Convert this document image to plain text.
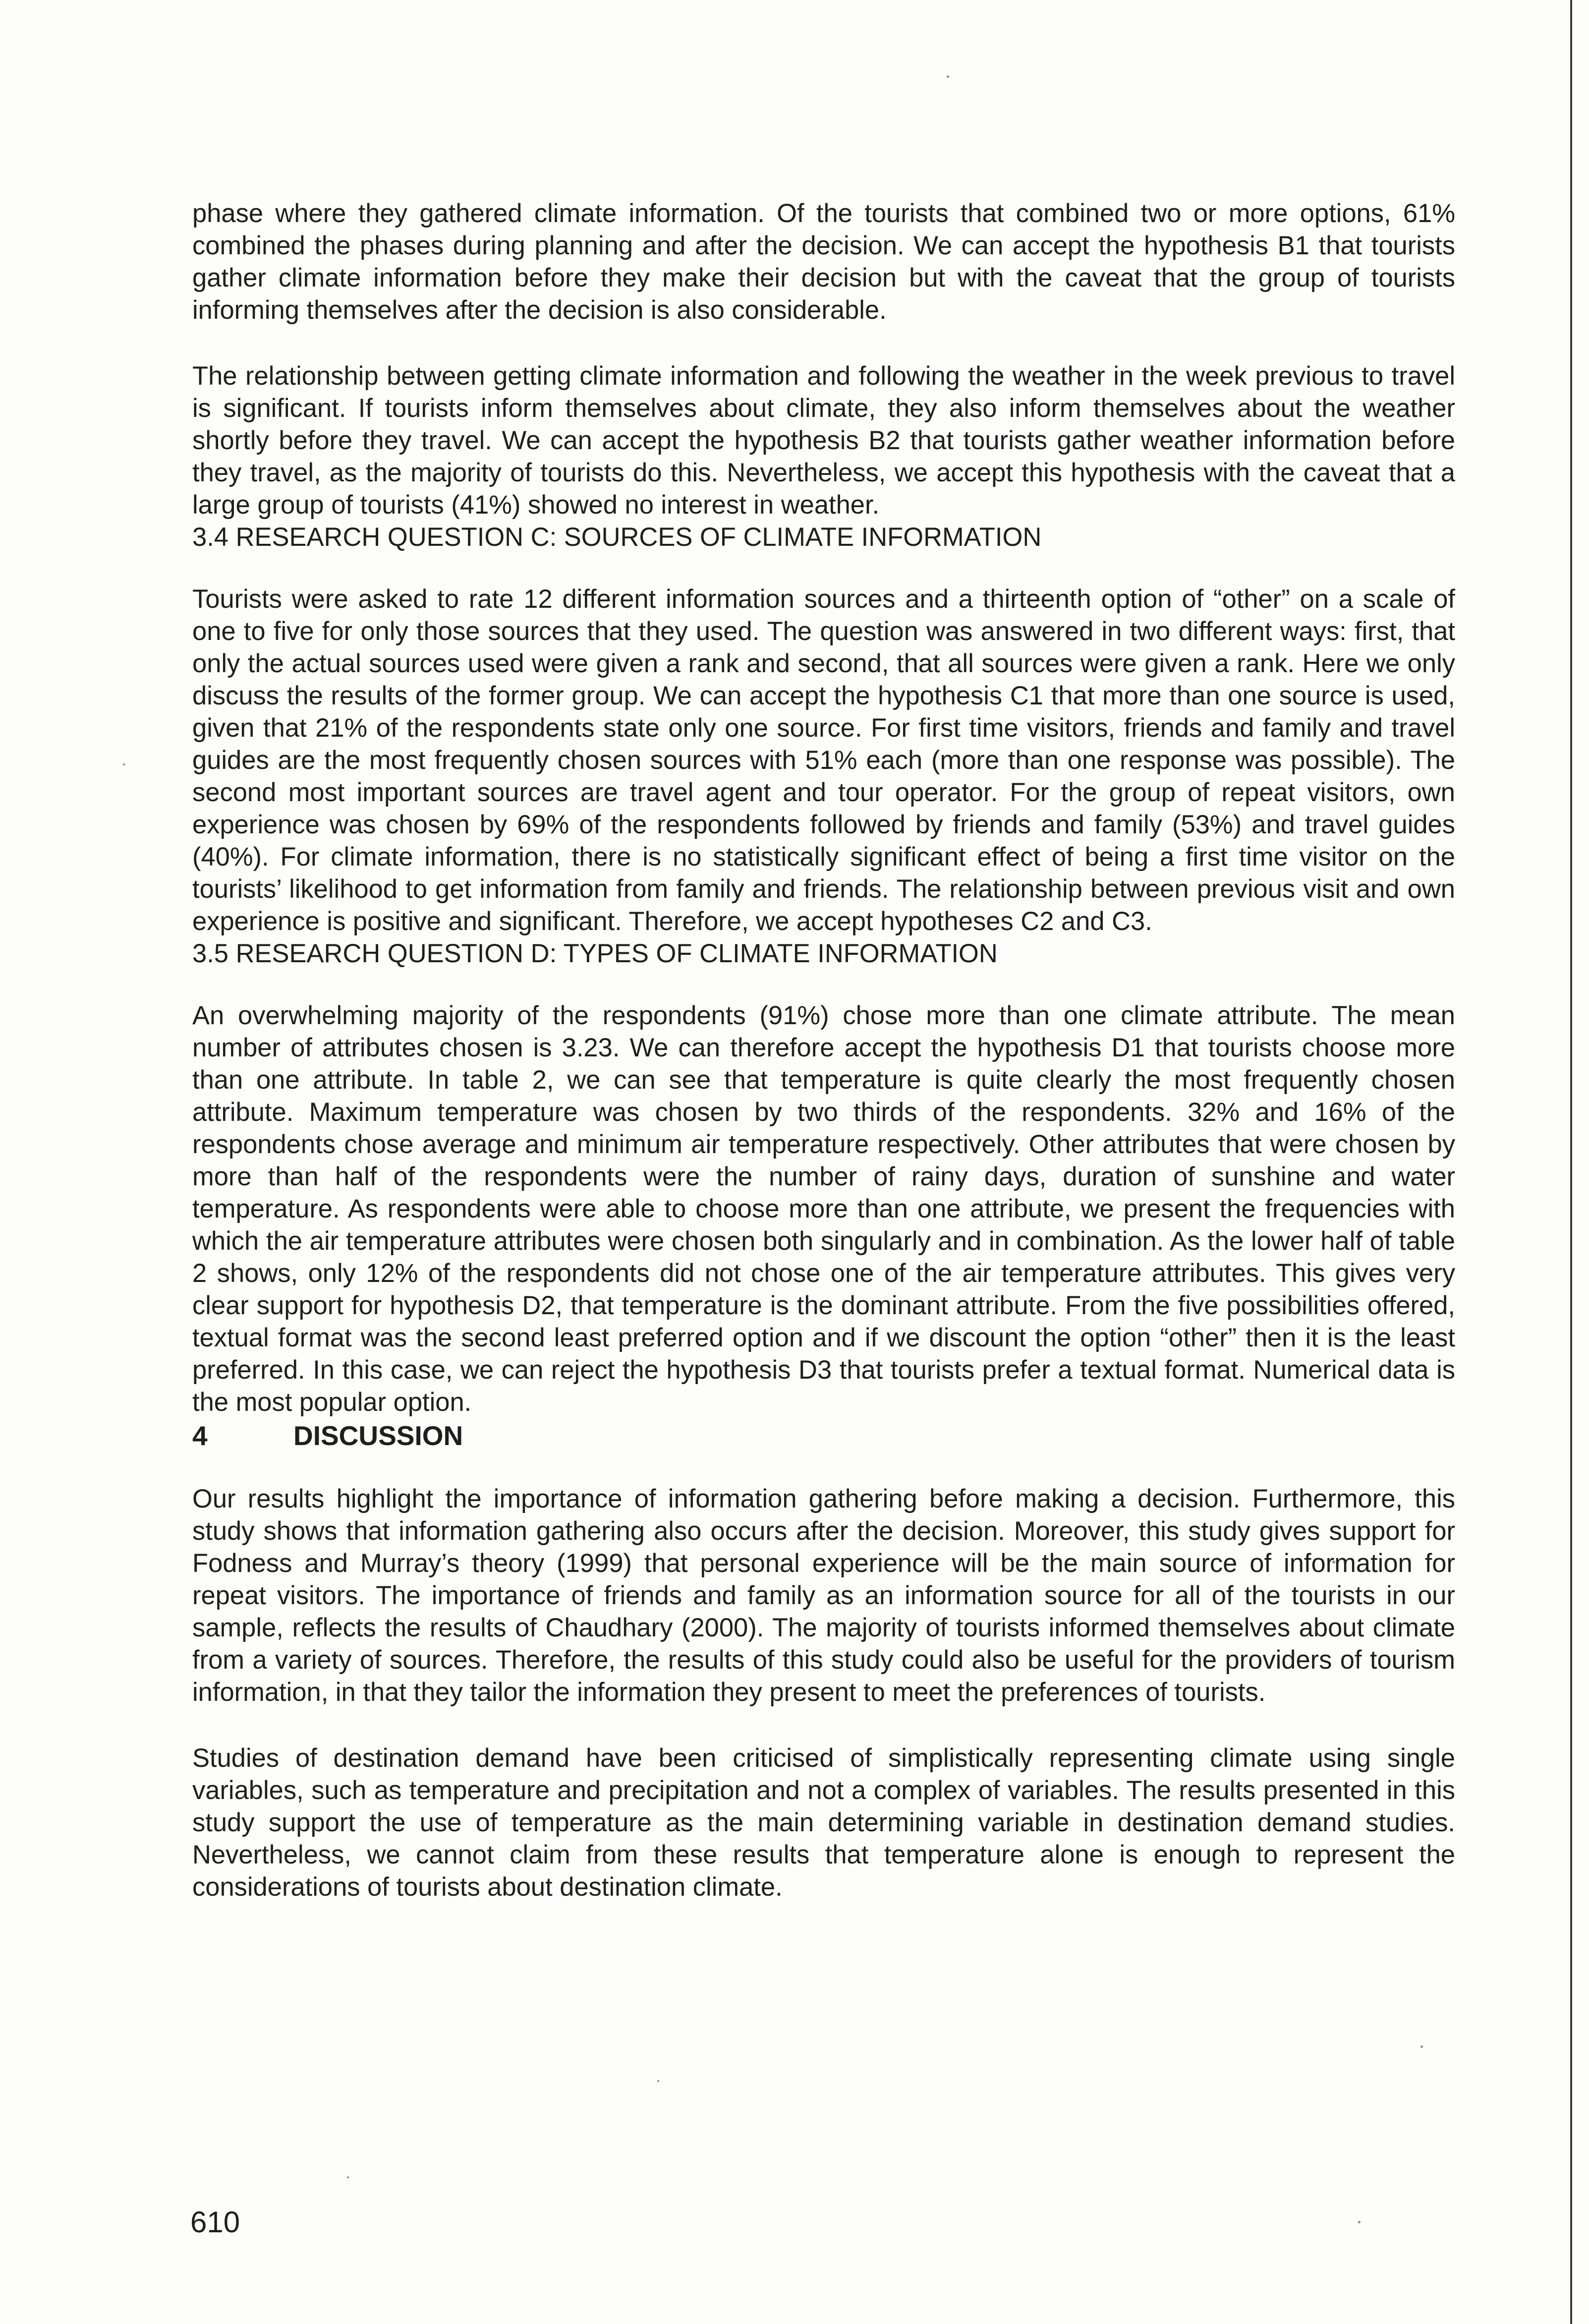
phase where they gathered climate information. Of the tourists that combined two or more options, 61% combined the phases during planning and after the decision. We can accept the hypothesis B1 that tourists gather climate information before they make their decision but with the caveat that the group of tourists informing themselves after the decision is also considerable.

The relationship between getting climate information and following the weather in the week previous to travel is significant. If tourists inform themselves about climate, they also inform themselves about the weather shortly before they travel. We can accept the hypothesis B2 that tourists gather weather information before they travel, as the majority of tourists do this. Nevertheless, we accept this hypothesis with the caveat that a large group of tourists (41%) showed no interest in weather.

3.4 RESEARCH QUESTION C: SOURCES OF CLIMATE INFORMATION

Tourists were asked to rate 12 different information sources and a thirteenth option of “other” on a scale of one to five for only those sources that they used. The question was answered in two different ways: first, that only the actual sources used were given a rank and second, that all sources were given a rank. Here we only discuss the results of the former group. We can accept the hypothesis C1 that more than one source is used, given that 21% of the respondents state only one source. For first time visitors, friends and family and travel guides are the most frequently chosen sources with 51% each (more than one response was possible). The second most important sources are travel agent and tour operator. For the group of repeat visitors, own experience was chosen by 69% of the respondents followed by friends and family (53%) and travel guides (40%). For climate information, there is no statistically significant effect of being a first time visitor on the tourists’ likelihood to get information from family and friends. The relationship between previous visit and own experience is positive and significant. Therefore, we accept hypotheses C2 and C3.

3.5 RESEARCH QUESTION D: TYPES OF CLIMATE INFORMATION

An overwhelming majority of the respondents (91%) chose more than one climate attribute. The mean number of attributes chosen is 3.23. We can therefore accept the hypothesis D1 that tourists choose more than one attribute. In table 2, we can see that temperature is quite clearly the most frequently chosen attribute. Maximum temperature was chosen by two thirds of the respondents. 32% and 16% of the respondents chose average and minimum air temperature respectively. Other attributes that were chosen by more than half of the respondents were the number of rainy days, duration of sunshine and water temperature. As respondents were able to choose more than one attribute, we present the frequencies with which the air temperature attributes were chosen both singularly and in combination. As the lower half of table 2 shows, only 12% of the respondents did not chose one of the air temperature attributes. This gives very clear support for hypothesis D2, that temperature is the dominant attribute. From the five possibilities offered, textual format was the second least preferred option and if we discount the option “other” then it is the least preferred. In this case, we can reject the hypothesis D3 that tourists prefer a textual format. Numerical data is the most popular option.

4	DISCUSSION

Our results highlight the importance of information gathering before making a decision. Furthermore, this study shows that information gathering also occurs after the decision. Moreover, this study gives support for Fodness and Murray’s theory (1999) that personal experience will be the main source of information for repeat visitors. The importance of friends and family as an information source for all of the tourists in our sample, reflects the results of Chaudhary (2000). The majority of tourists informed themselves about climate from a variety of sources. Therefore, the results of this study could also be useful for the providers of tourism information, in that they tailor the information they present to meet the preferences of tourists.

Studies of destination demand have been criticised of simplistically representing climate using single variables, such as temperature and precipitation and not a complex of variables. The results presented in this study support the use of temperature as the main determining variable in destination demand studies. Nevertheless, we cannot claim from these results that temperature alone is enough to represent the considerations of tourists about destination climate.

610
